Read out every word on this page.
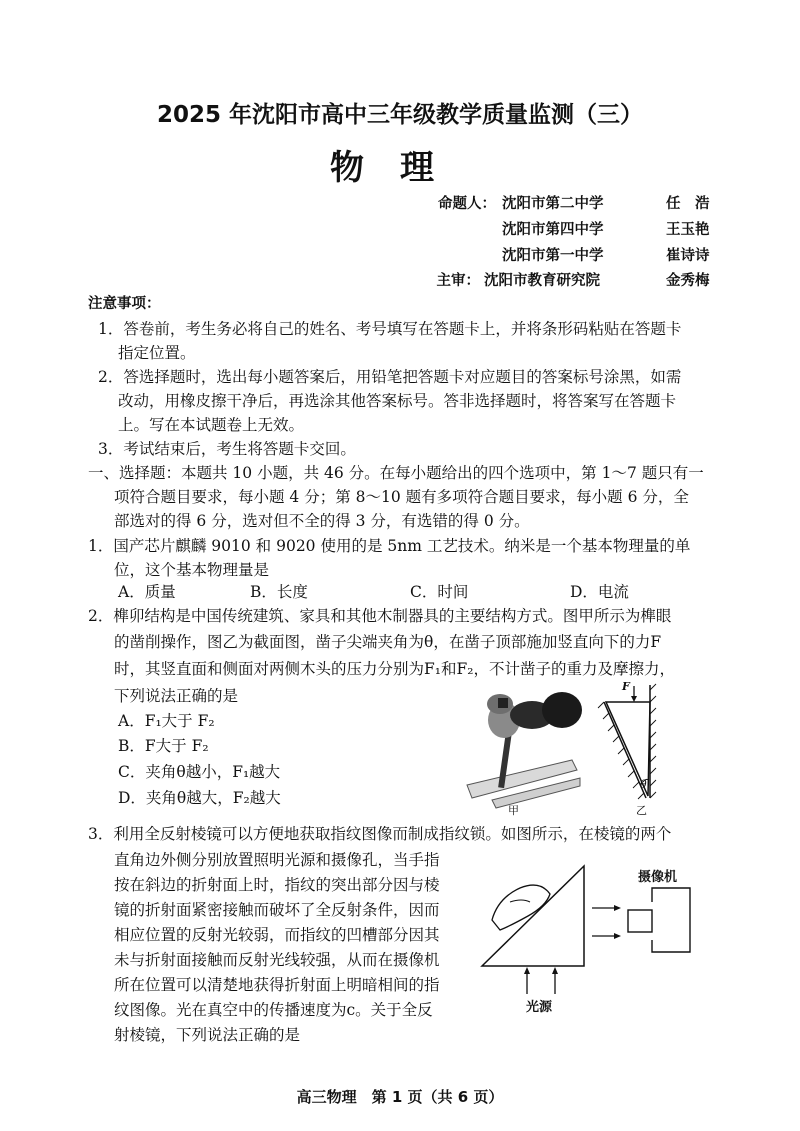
2025 年沈阳市高中三年级教学质量监测（三）
物理
命题人： 沈阳市第二中学	任　浩
沈阳市第四中学	王玉艳
沈阳市第一中学	崔诗诗
主审： 沈阳市教育研究院	金秀梅
注意事项：
1．答卷前，考生务必将自己的姓名、考号填写在答题卡上，并将条形码粘贴在答题卡
指定位置。
2．答选择题时，选出每小题答案后，用铅笔把答题卡对应题目的答案标号涂黑，如需
改动，用橡皮擦干净后，再选涂其他答案标号。答非选择题时，将答案写在答题卡
上。写在本试题卷上无效。
3．考试结束后，考生将答题卡交回。
一、选择题：本题共 10 小题，共 46 分。在每小题给出的四个选项中，第 1～7 题只有一
项符合题目要求，每小题 4 分；第 8～10 题有多项符合题目要求，每小题 6 分，全
部选对的得 6 分，选对但不全的得 3 分，有选错的得 0 分。
1．国产芯片麒麟 9010 和 9020 使用的是 5nm 工艺技术。纳米是一个基本物理量的单
位，这个基本物理量是
A．质量	B．长度	C．时间	D．电流
2．榫卯结构是中国传统建筑、家具和其他木制器具的主要结构方式。图甲所示为榫眼
的凿削操作，图乙为截面图，凿子尖端夹角为θ，在凿子顶部施加竖直向下的力F
时，其竖直面和侧面对两侧木头的压力分别为F₁和F₂，不计凿子的重力及摩擦力，
下列说法正确的是
A．F₁大于 F₂
B．F大于 F₂
C．夹角θ越小，F₁越大
D．夹角θ越大，F₂越大
甲
F
θ
乙
3．利用全反射棱镜可以方便地获取指纹图像而制成指纹锁。如图所示，在棱镜的两个
直角边外侧分别放置照明光源和摄像孔，当手指
按在斜边的折射面上时，指纹的突出部分因与棱
镜的折射面紧密接触而破坏了全反射条件，因而
相应位置的反射光较弱，而指纹的凹槽部分因其
未与折射面接触而反射光线较强，从而在摄像机
所在位置可以清楚地获得折射面上明暗相间的指
纹图像。光在真空中的传播速度为c。关于全反
射棱镜，下列说法正确的是
摄像机
光源
高三物理　第 1 页（共 6 页）
